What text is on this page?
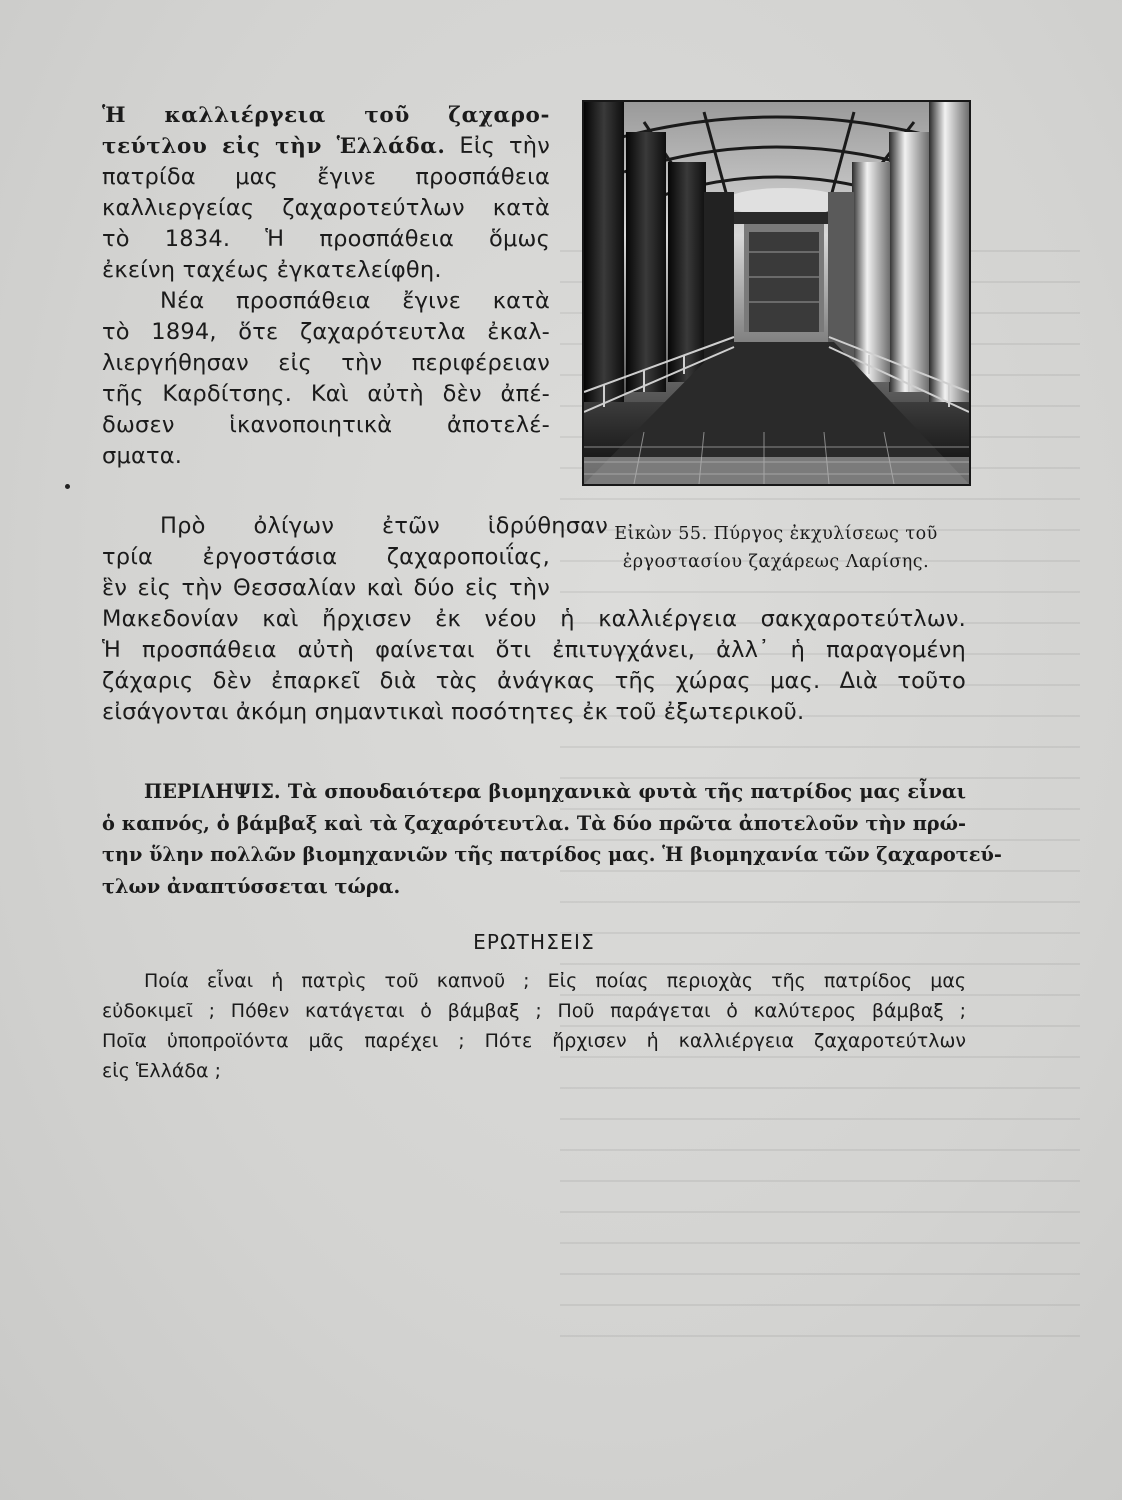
Ἡ καλλιέργεια τοῦ ζαχαρο-
τεύτλου εἰς τὴν Ἑλλάδα. Εἰς τὴν
πατρίδα μας ἔγινε προσπάθεια
καλλιεργείας ζαχαροτεύτλων κατὰ
τὸ 1834. Ἡ προσπάθεια ὅμως
ἐκείνη ταχέως ἐγκατελείφθη.
Νέα προσπάθεια ἔγινε κατὰ
τὸ 1894, ὅτε ζαχαρότευτλα ἐκαλ-
λιεργήθησαν εἰς τὴν περιφέρειαν
τῆς Καρδίτσης. Καὶ αὐτὴ δὲν ἀπέ-
δωσεν ἱκανοποιητικὰ ἀποτελέ-
σματα.
Εἰκὼν 55. Πύργος ἐκχυλίσεως τοῦ
ἐργοστασίου ζαχάρεως Λαρίσης.
Πρὸ ὀλίγων ἐτῶν ἱδρύθησαν
τρία ἐργοστάσια ζαχαροποιΐας,
ἓν εἰς τὴν Θεσσαλίαν καὶ δύο εἰς τὴν
Μακεδονίαν καὶ ἤρχισεν ἐκ νέου ἡ καλλιέργεια σακχαροτεύτλων.
Ἡ προσπάθεια αὐτὴ φαίνεται ὅτι ἐπιτυγχάνει, ἀλλ᾽ ἡ παραγομένη
ζάχαρις δὲν ἐπαρκεῖ διὰ τὰς ἀνάγκας τῆς χώρας μας. Διὰ τοῦτο
εἰσάγονται ἀκόμη σημαντικαὶ ποσότητες ἐκ τοῦ ἐξωτερικοῦ.
ΠΕΡΙΛΗΨΙΣ. Τὰ σπουδαιότερα βιομηχανικὰ φυτὰ τῆς πατρίδος μας εἶναι
ὁ καπνός, ὁ βάμβαξ καὶ τὰ ζαχαρότευτλα. Τὰ δύο πρῶτα ἀποτελοῦν τὴν πρώ-
την ὕλην πολλῶν βιομηχανιῶν τῆς πατρίδος μας. Ἡ βιομηχανία τῶν ζαχαροτεύ-
τλων ἀναπτύσσεται τώρα.
ΕΡΩΤΗΣΕΙΣ
Ποία εἶναι ἡ πατρὶς τοῦ καπνοῦ ; Εἰς ποίας περιοχὰς τῆς πατρίδος μας
εὐδοκιμεῖ ; Πόθεν κατάγεται ὁ βάμβαξ ; Ποῦ παράγεται ὁ καλύτερος βάμβαξ ;
Ποῖα ὑποπροϊόντα μᾶς παρέχει ; Πότε ἤρχισεν ἡ καλλιέργεια ζαχαροτεύτλων
εἰς Ἑλλάδα ;
